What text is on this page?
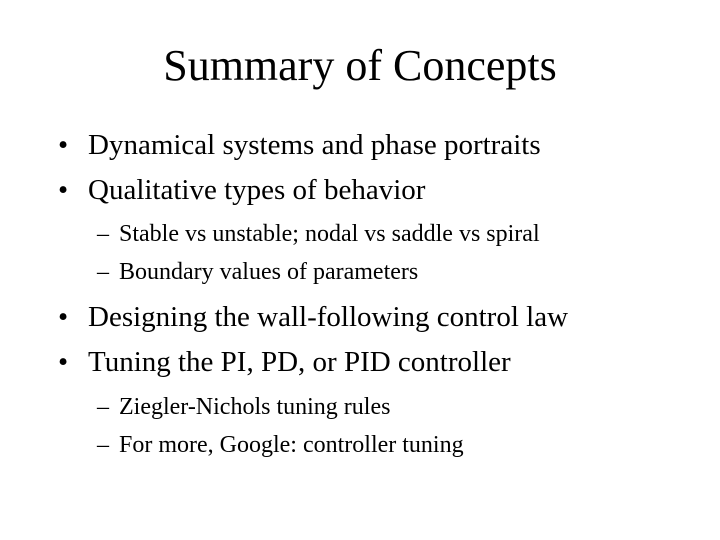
Summary of Concepts
• Dynamical systems and phase portraits
• Qualitative types of behavior
– Stable vs unstable; nodal vs saddle vs spiral
– Boundary values of parameters
• Designing the wall-following control law
• Tuning the PI, PD, or PID controller
– Ziegler-Nichols tuning rules
– For more, Google: controller tuning
